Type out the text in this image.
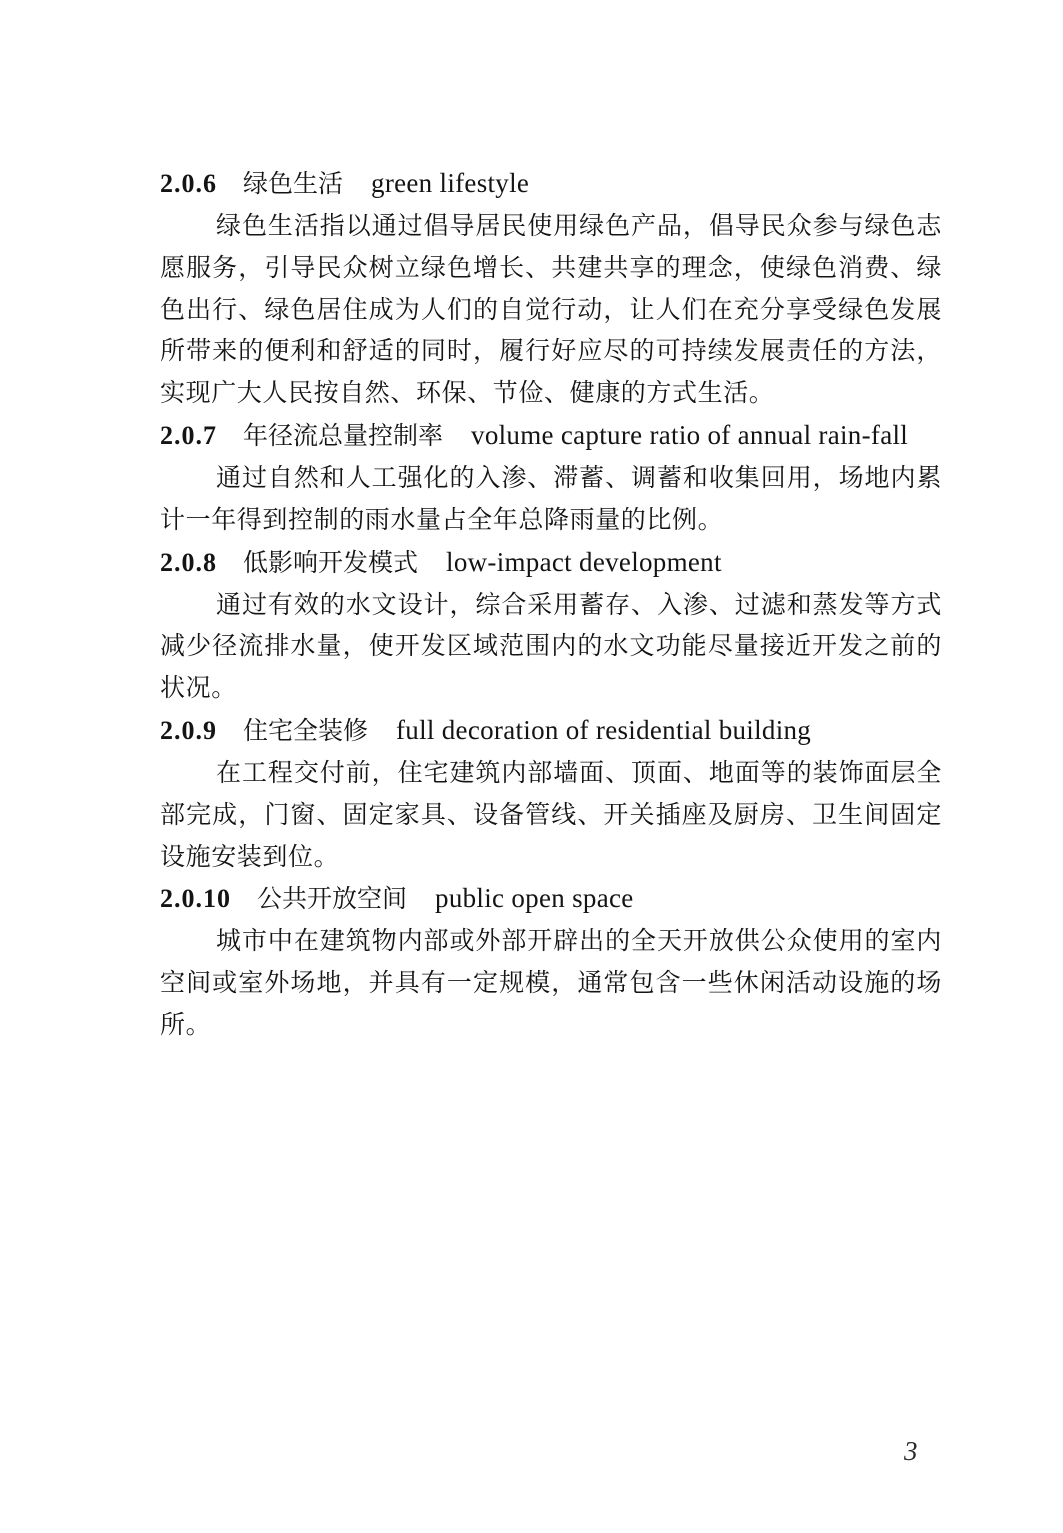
2.0.6 绿色生活 green lifestyle

绿色生活指以通过倡导居民使用绿色产品，倡导民众参与绿色志愿服务，引导民众树立绿色增长、共建共享的理念，使绿色消费、绿色出行、绿色居住成为人们的自觉行动，让人们在充分享受绿色发展所带来的便利和舒适的同时，履行好应尽的可持续发展责任的方法，实现广大人民按自然、环保、节俭、健康的方式生活。

2.0.7 年径流总量控制率 volume capture ratio of annual rain-fall

通过自然和人工强化的入渗、滞蓄、调蓄和收集回用，场地内累计一年得到控制的雨水量占全年总降雨量的比例。

2.0.8 低影响开发模式 low-impact development

通过有效的水文设计，综合采用蓄存、入渗、过滤和蒸发等方式减少径流排水量，使开发区域范围内的水文功能尽量接近开发之前的状况。

2.0.9 住宅全装修 full decoration of residential building

在工程交付前，住宅建筑内部墙面、顶面、地面等的装饰面层全部完成，门窗、固定家具、设备管线、开关插座及厨房、卫生间固定设施安装到位。

2.0.10 公共开放空间 public open space

城市中在建筑物内部或外部开辟出的全天开放供公众使用的室内空间或室外场地，并具有一定规模，通常包含一些休闲活动设施的场所。

3
